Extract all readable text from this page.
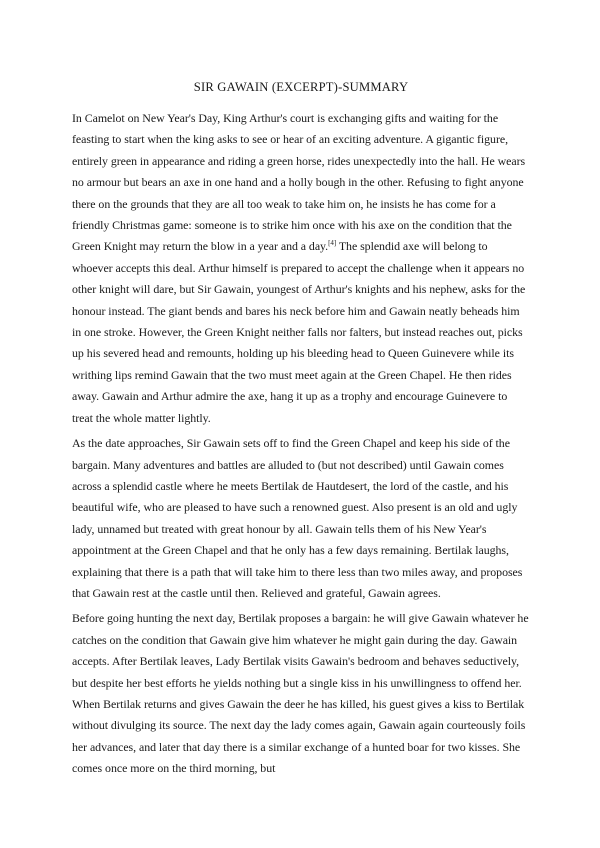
SIR GAWAIN (EXCERPT)-SUMMARY

In Camelot on New Year's Day, King Arthur's court is exchanging gifts and waiting for the feasting to start when the king asks to see or hear of an exciting adventure. A gigantic figure, entirely green in appearance and riding a green horse, rides unexpectedly into the hall. He wears no armour but bears an axe in one hand and a holly bough in the other. Refusing to fight anyone there on the grounds that they are all too weak to take him on, he insists he has come for a friendly Christmas game: someone is to strike him once with his axe on the condition that the Green Knight may return the blow in a year and a day.[4] The splendid axe will belong to whoever accepts this deal. Arthur himself is prepared to accept the challenge when it appears no other knight will dare, but Sir Gawain, youngest of Arthur's knights and his nephew, asks for the honour instead. The giant bends and bares his neck before him and Gawain neatly beheads him in one stroke. However, the Green Knight neither falls nor falters, but instead reaches out, picks up his severed head and remounts, holding up his bleeding head to Queen Guinevere while its writhing lips remind Gawain that the two must meet again at the Green Chapel. He then rides away. Gawain and Arthur admire the axe, hang it up as a trophy and encourage Guinevere to treat the whole matter lightly.

As the date approaches, Sir Gawain sets off to find the Green Chapel and keep his side of the bargain. Many adventures and battles are alluded to (but not described) until Gawain comes across a splendid castle where he meets Bertilak de Hautdesert, the lord of the castle, and his beautiful wife, who are pleased to have such a renowned guest. Also present is an old and ugly lady, unnamed but treated with great honour by all. Gawain tells them of his New Year's appointment at the Green Chapel and that he only has a few days remaining. Bertilak laughs, explaining that there is a path that will take him to there less than two miles away, and proposes that Gawain rest at the castle until then. Relieved and grateful, Gawain agrees.

Before going hunting the next day, Bertilak proposes a bargain: he will give Gawain whatever he catches on the condition that Gawain give him whatever he might gain during the day. Gawain accepts. After Bertilak leaves, Lady Bertilak visits Gawain's bedroom and behaves seductively, but despite her best efforts he yields nothing but a single kiss in his unwillingness to offend her. When Bertilak returns and gives Gawain the deer he has killed, his guest gives a kiss to Bertilak without divulging its source. The next day the lady comes again, Gawain again courteously foils her advances, and later that day there is a similar exchange of a hunted boar for two kisses. She comes once more on the third morning, but
